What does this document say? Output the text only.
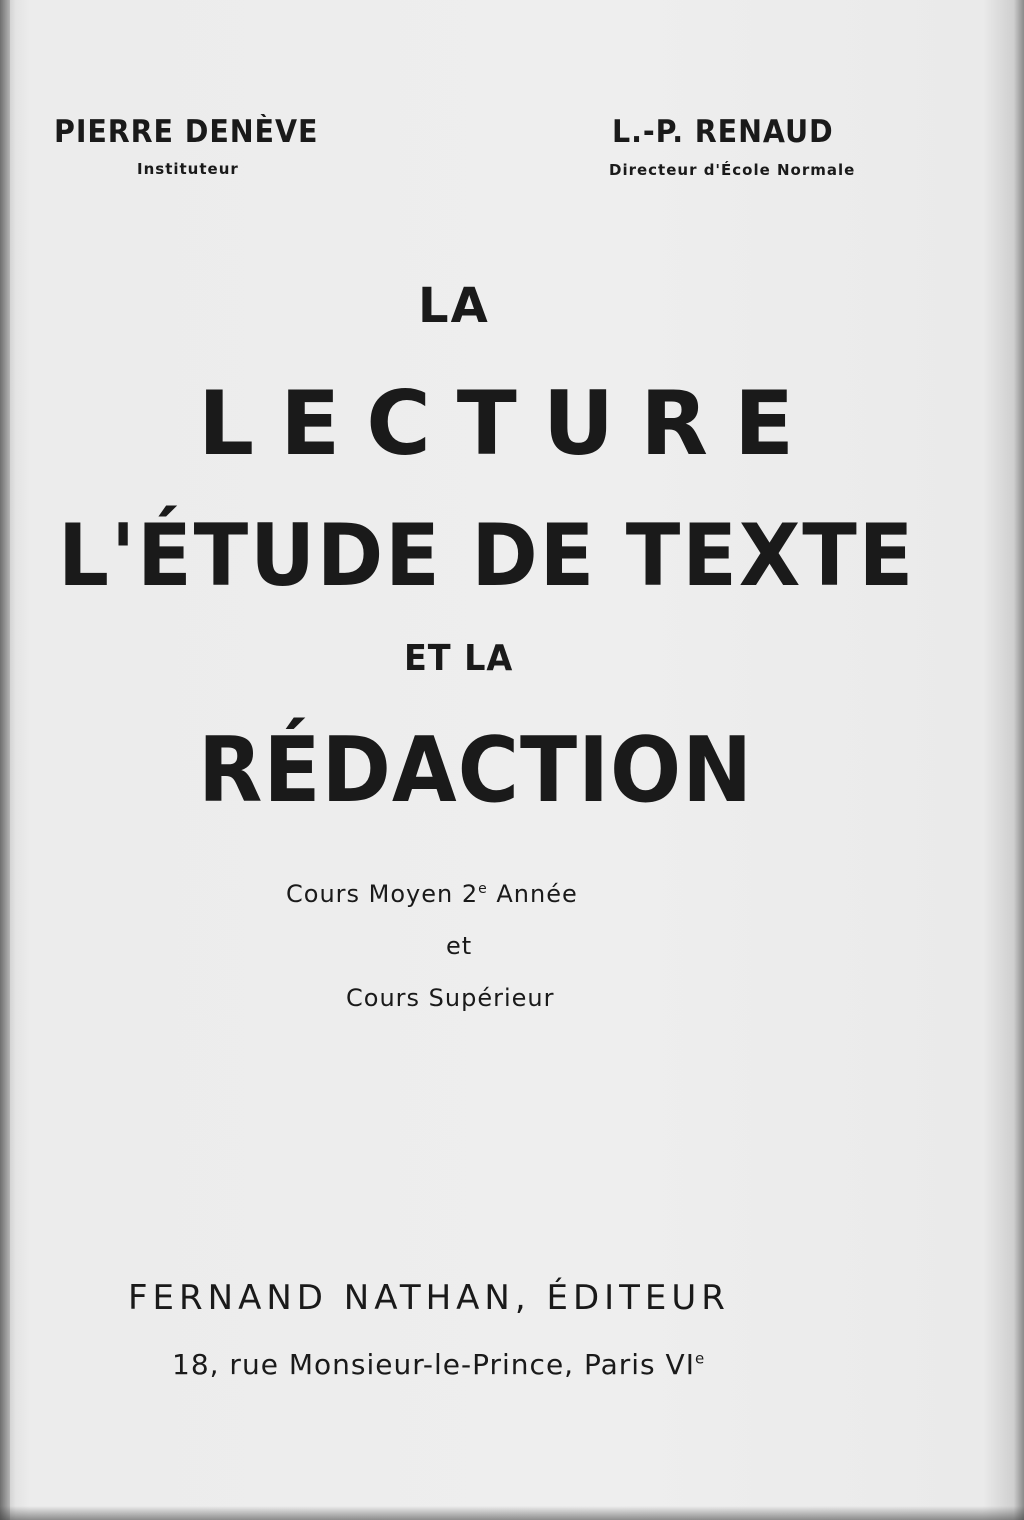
PIERRE DENÈVE
Instituteur
L.-P. RENAUD
Directeur d'École Normale
LA
LECTURE
L'ÉTUDE DE TEXTE
ET LA
RÉDACTION
Cours Moyen 2e Année
et
Cours Supérieur
FERNAND NATHAN, ÉDITEUR
18, rue Monsieur-le-Prince, Paris VIe
